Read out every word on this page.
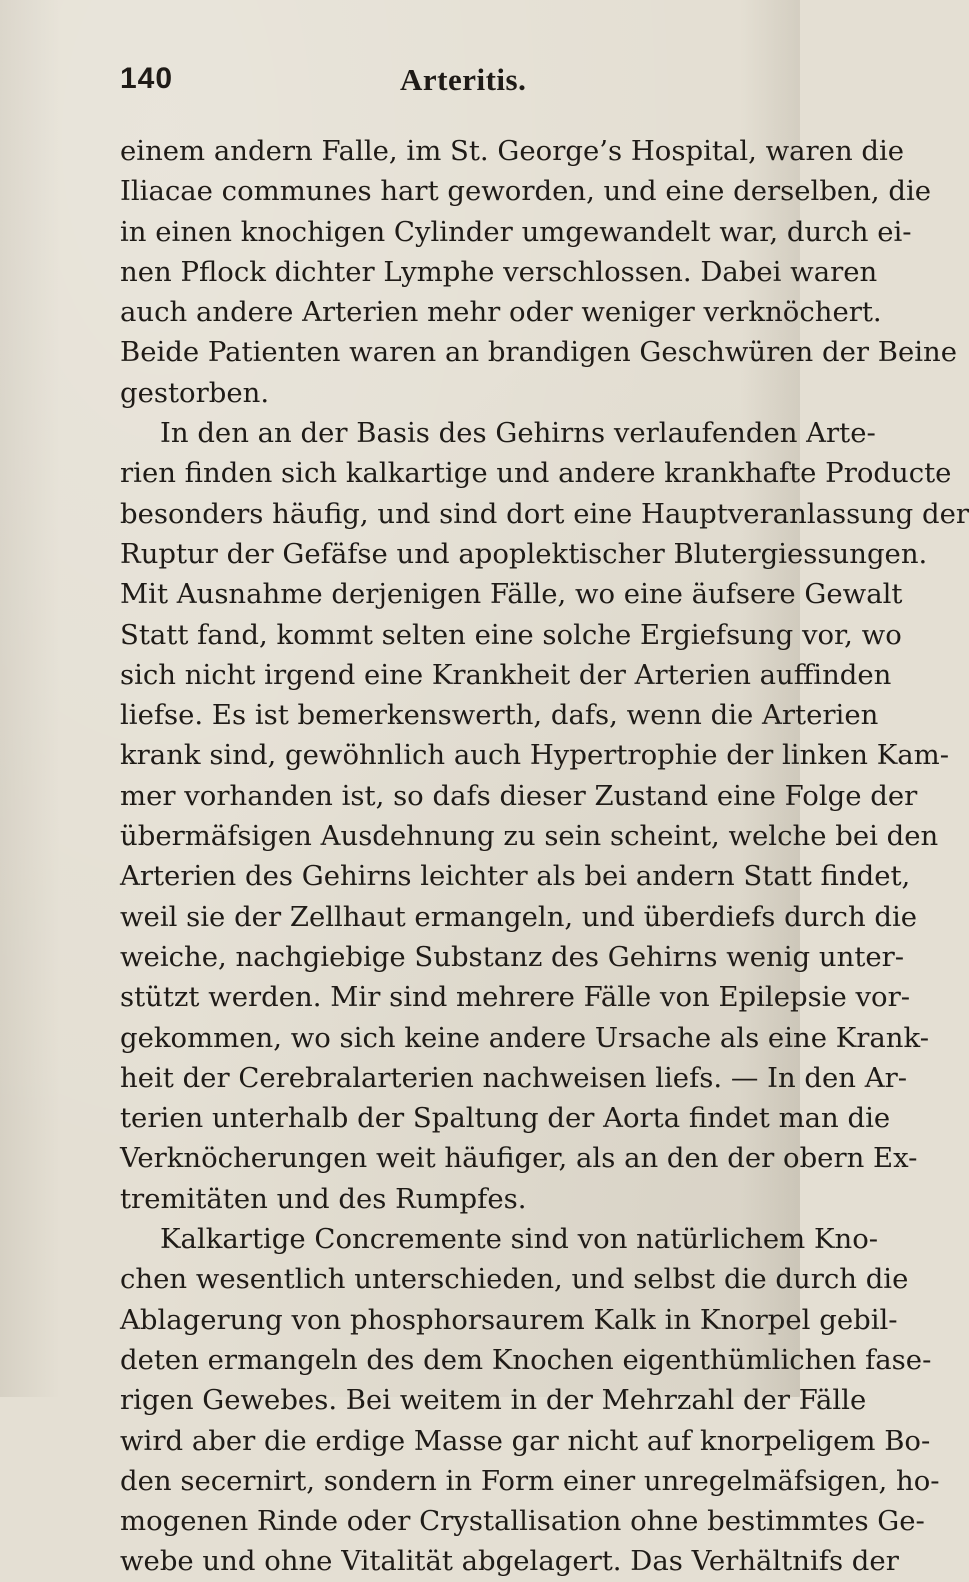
140	Arteritis.
einem andern Falle, im St. George’s Hospital, waren die
Iliacae communes hart geworden, und eine derselben, die
in einen knochigen Cylinder umgewandelt war, durch ei-
nen Pflock dichter Lymphe verschlossen. Dabei waren
auch andere Arterien mehr oder weniger verknöchert.
Beide Patienten waren an brandigen Geschwüren der Beine
gestorben.
In den an der Basis des Gehirns verlaufenden Arte-
rien finden sich kalkartige und andere krankhafte Producte
besonders häufig, und sind dort eine Hauptveranlassung der
Ruptur der Gefäfse und apoplektischer Blutergiessungen.
Mit Ausnahme derjenigen Fälle, wo eine äufsere Gewalt
Statt fand, kommt selten eine solche Ergiefsung vor, wo
sich nicht irgend eine Krankheit der Arterien auffinden
liefse. Es ist bemerkenswerth, dafs, wenn die Arterien
krank sind, gewöhnlich auch Hypertrophie der linken Kam-
mer vorhanden ist, so dafs dieser Zustand eine Folge der
übermäfsigen Ausdehnung zu sein scheint, welche bei den
Arterien des Gehirns leichter als bei andern Statt findet,
weil sie der Zellhaut ermangeln, und überdiefs durch die
weiche, nachgiebige Substanz des Gehirns wenig unter-
stützt werden. Mir sind mehrere Fälle von Epilepsie vor-
gekommen, wo sich keine andere Ursache als eine Krank-
heit der Cerebralarterien nachweisen liefs. — In den Ar-
terien unterhalb der Spaltung der Aorta findet man die
Verknöcherungen weit häufiger, als an den der obern Ex-
tremitäten und des Rumpfes.
Kalkartige Concremente sind von natürlichem Kno-
chen wesentlich unterschieden, und selbst die durch die
Ablagerung von phosphorsaurem Kalk in Knorpel gebil-
deten ermangeln des dem Knochen eigenthümlichen fase-
rigen Gewebes. Bei weitem in der Mehrzahl der Fälle
wird aber die erdige Masse gar nicht auf knorpeligem Bo-
den secernirt, sondern in Form einer unregelmäfsigen, ho-
mogenen Rinde oder Crystallisation ohne bestimmtes Ge-
webe und ohne Vitalität abgelagert. Das Verhältnifs der
